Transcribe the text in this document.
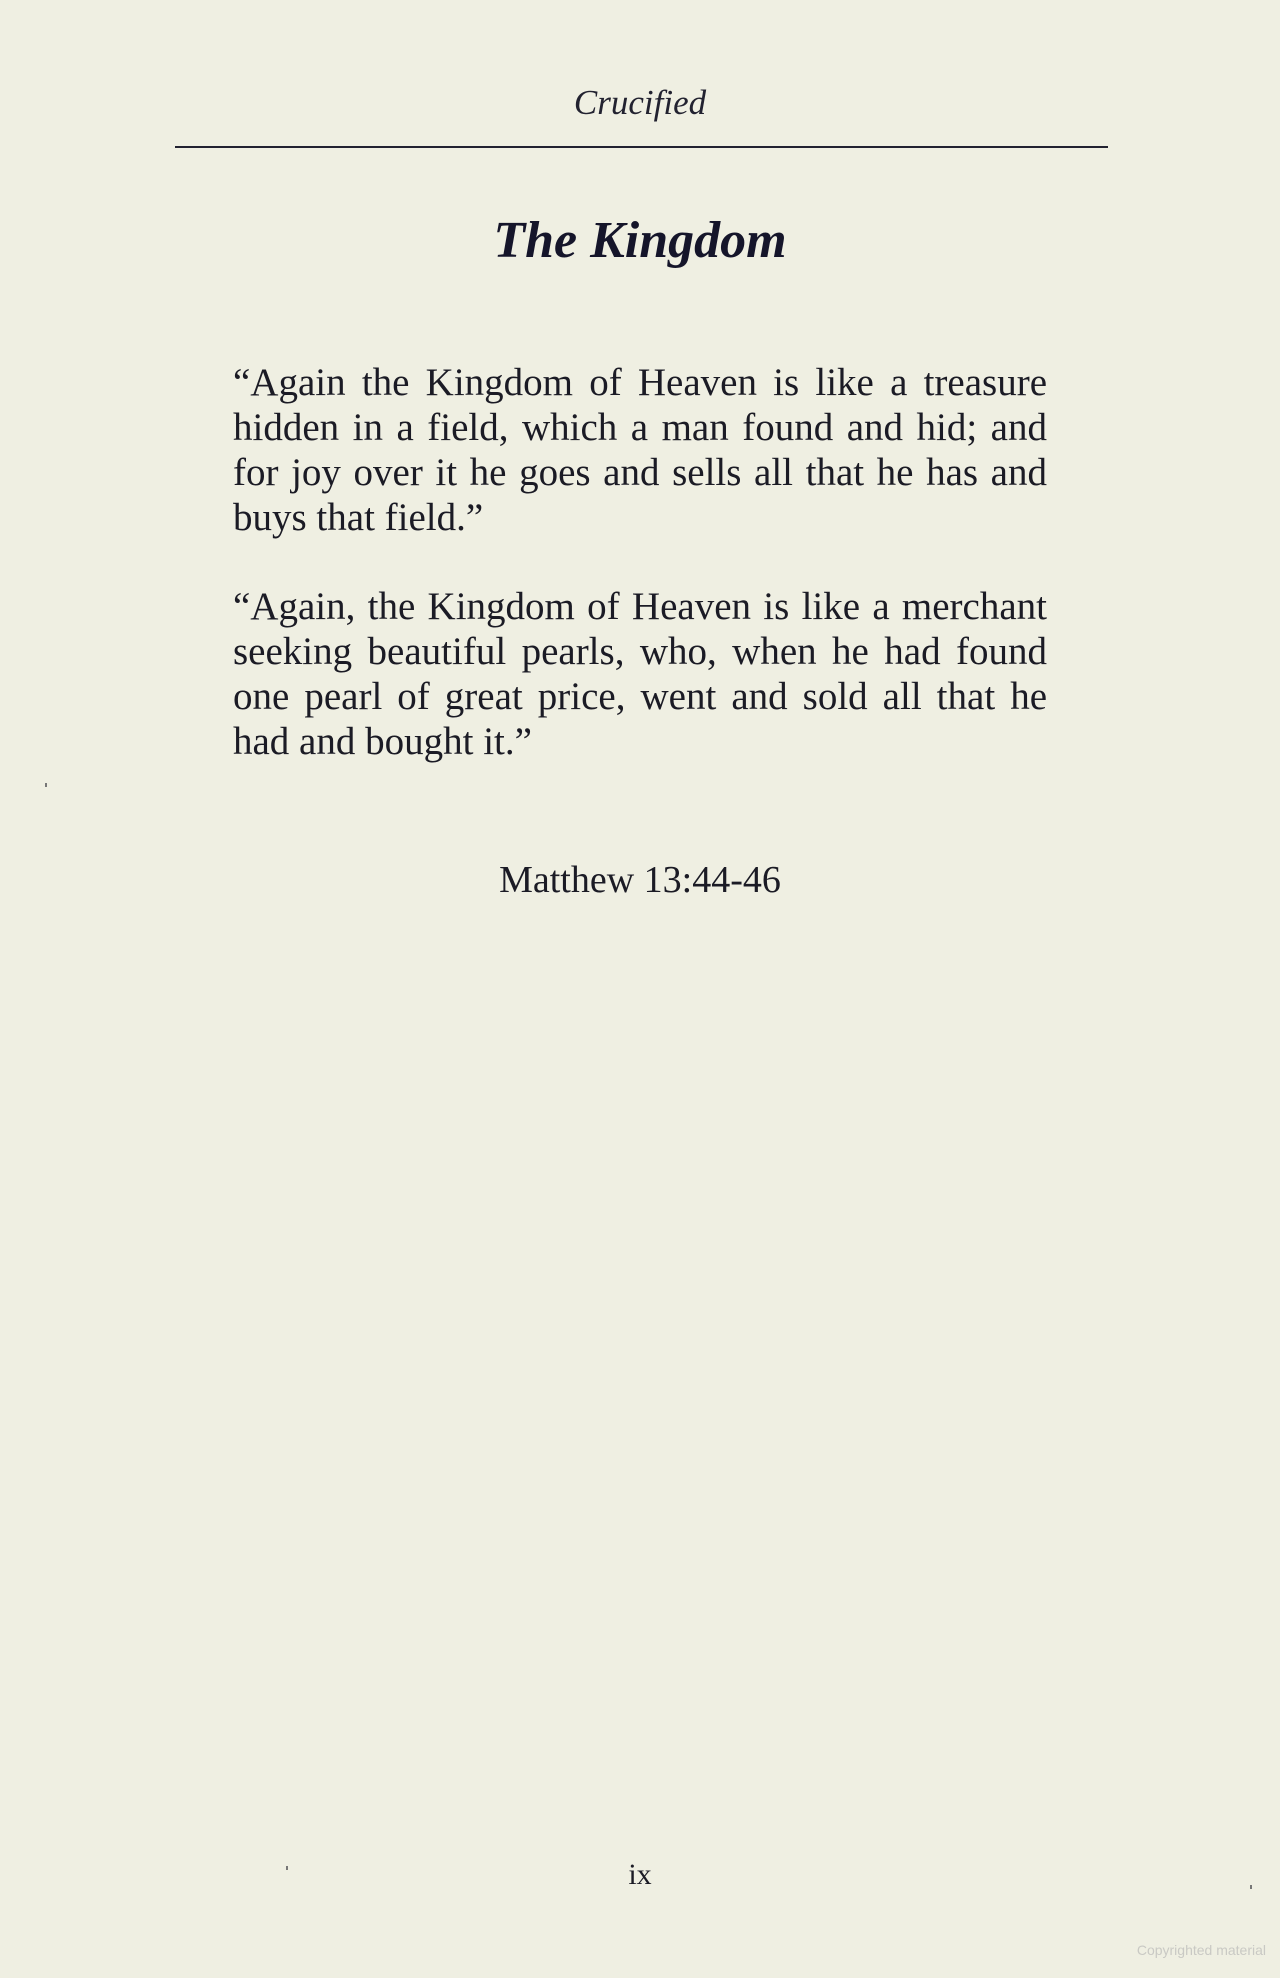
Crucified
The Kingdom

“Again the Kingdom of Heaven is like a treasure hidden in a field, which a man found and hid; and for joy over it he goes and sells all that he has and buys that field.”

“Again, the Kingdom of Heaven is like a merchant seeking beautiful pearls, who, when he had found one pearl of great price, went and sold all that he had and bought it.”

Matthew 13:44-46
ix
Copyrighted material
